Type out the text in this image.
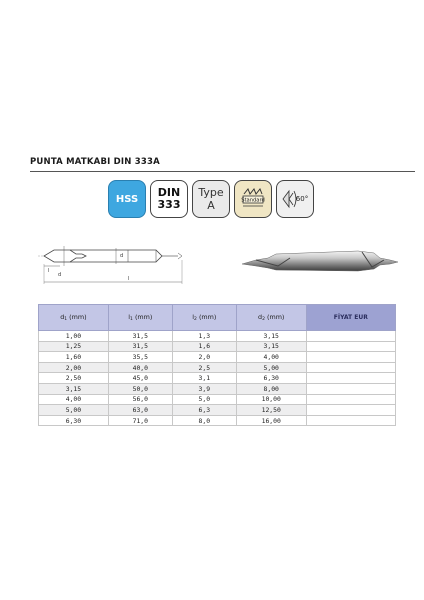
PUNTA MATKABI DIN 333A
HSS DIN
333
Type
A	Standard	60°
d
d
l
l
$d_1$ (mm)	$l_1$ (mm)	$l_2$ (mm)	$d_2$ (mm)	FİYAT EUR
1,00	31,5	1,3	3,15	
1,25	31,5	1,6	3,15	
1,60	35,5	2,0	4,00	
2,00	40,0	2,5	5,00	
2,50	45,0	3,1	6,30	
3,15	50,0	3,9	8,00	
4,00	56,0	5,0	10,00	
5,00	63,0	6,3	12,50	
6,30	71,0	8,0	16,00	
